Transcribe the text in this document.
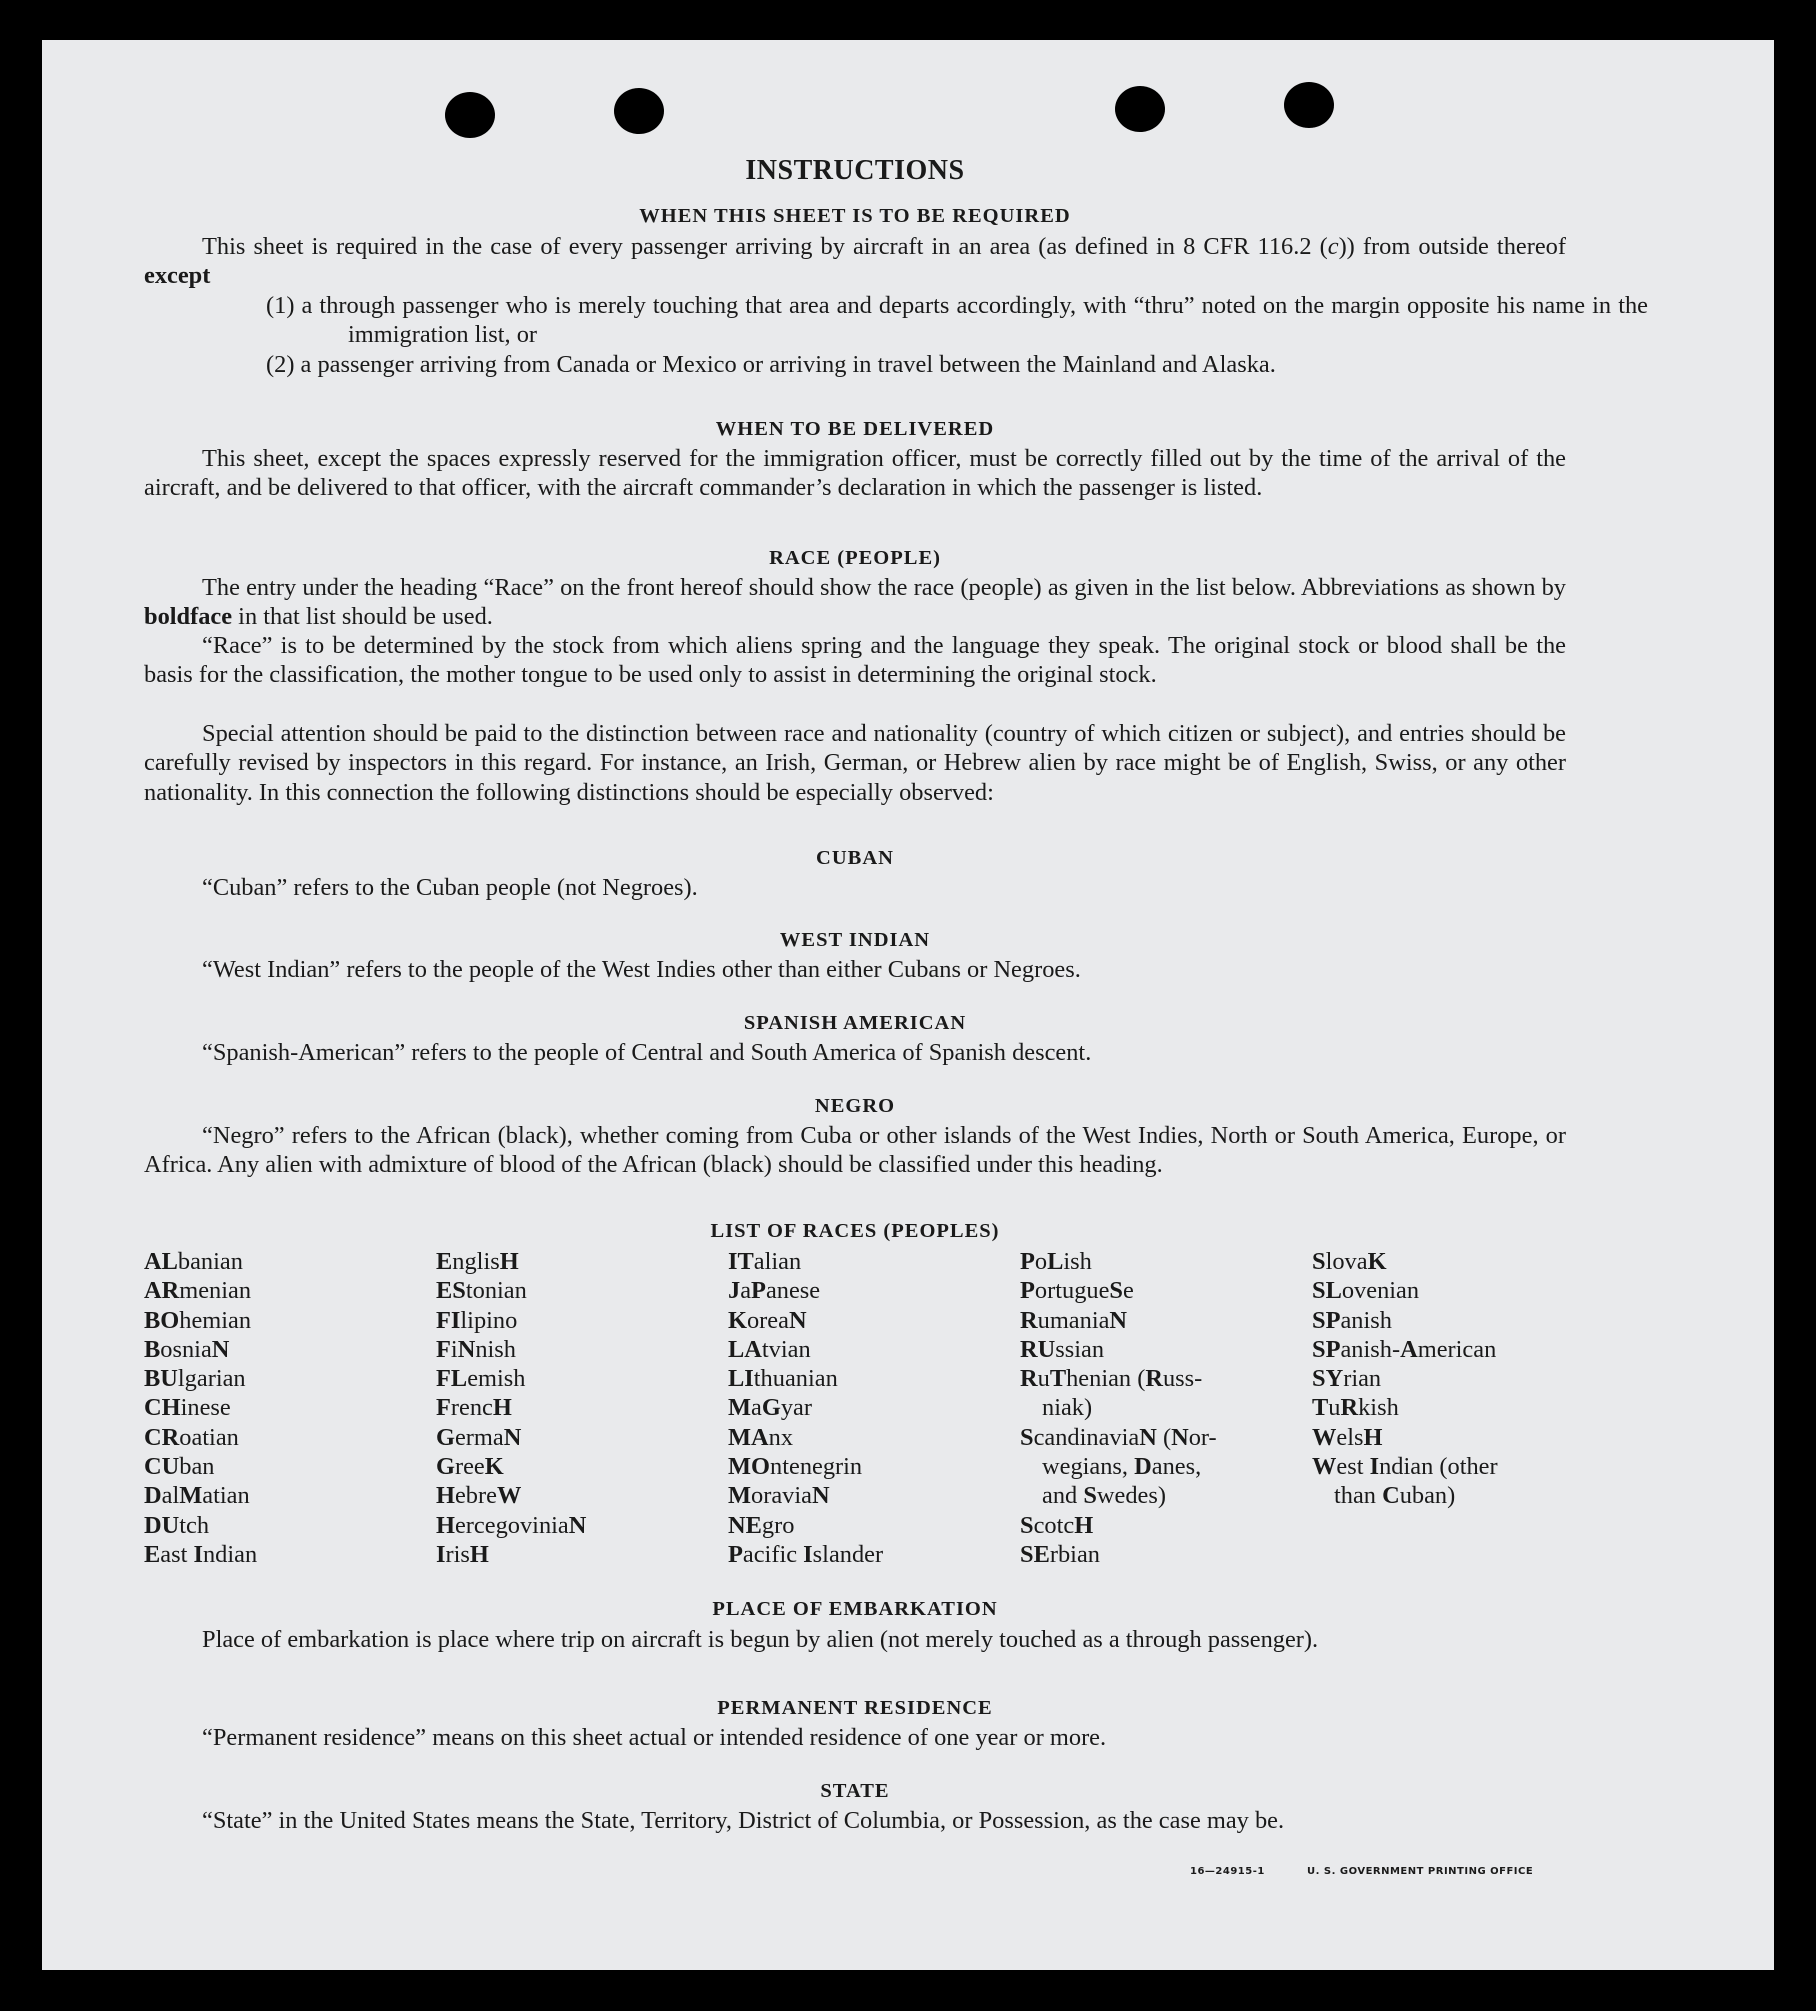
INSTRUCTIONS
WHEN THIS SHEET IS TO BE REQUIRED
This sheet is required in the case of every passenger arriving by aircraft in an area (as defined in 8 CFR 116.2 (c)) from outside thereof except
(1) a through passenger who is merely touching that area and departs accordingly, with “thru” noted on the margin opposite his name in the immigration list, or
(2) a passenger arriving from Canada or Mexico or arriving in travel between the Mainland and Alaska.
WHEN TO BE DELIVERED
This sheet, except the spaces expressly reserved for the immigration officer, must be correctly filled out by the time of the arrival of the aircraft, and be delivered to that officer, with the aircraft commander’s declaration in which the passenger is listed.
RACE (PEOPLE)
The entry under the heading “Race” on the front hereof should show the race (people) as given in the list below. Abbreviations as shown by boldface in that list should be used.
“Race” is to be determined by the stock from which aliens spring and the language they speak. The original stock or blood shall be the basis for the classification, the mother tongue to be used only to assist in determining the original stock.
Special attention should be paid to the distinction between race and nationality (country of which citizen or subject), and entries should be carefully revised by inspectors in this regard. For instance, an Irish, German, or Hebrew alien by race might be of English, Swiss, or any other nationality. In this connection the following distinctions should be especially observed:
CUBAN
“Cuban” refers to the Cuban people (not Negroes).
WEST INDIAN
“West Indian” refers to the people of the West Indies other than either Cubans or Negroes.
SPANISH AMERICAN
“Spanish-American” refers to the people of Central and South America of Spanish descent.
NEGRO
“Negro” refers to the African (black), whether coming from Cuba or other islands of the West Indies, North or South America, Europe, or Africa. Any alien with admixture of blood of the African (black) should be classified under this heading.
LIST OF RACES (PEOPLES)
ALbanian
ARmenian
BOhemian
BosniaN
BUlgarian
CHinese
CRoatian
CUban
DalMatian
DUtch
East Indian
EnglisH
EStonian
FIlipino
FiNnish
FLemish
FrencH
GermaN
GreeK
HebreW
HercegoviniaN
IrisH
ITalian
JaPanese
KoreaN
LAtvian
LIthuanian
MaGyar
MAnx
MOntenegrin
MoraviaN
NEgro
Pacific Islander
PoLish
PortugueSe
RumaniaN
RUssian
RuThenian (Russ-
niak)
ScandinaviaN (Nor-
wegians, Danes,
and Swedes)
ScotcH
SErbian
SlovaK
SLovenian
SPanish
SPanish-American
SYrian
TuRkish
WelsH
West Indian (other
than Cuban)
PLACE OF EMBARKATION
Place of embarkation is place where trip on aircraft is begun by alien (not merely touched as a through passenger).
PERMANENT RESIDENCE
“Permanent residence” means on this sheet actual or intended residence of one year or more.
STATE
“State” in the United States means the State, Territory, District of Columbia, or Possession, as the case may be.
16—24915-1	U. S. GOVERNMENT PRINTING OFFICE
